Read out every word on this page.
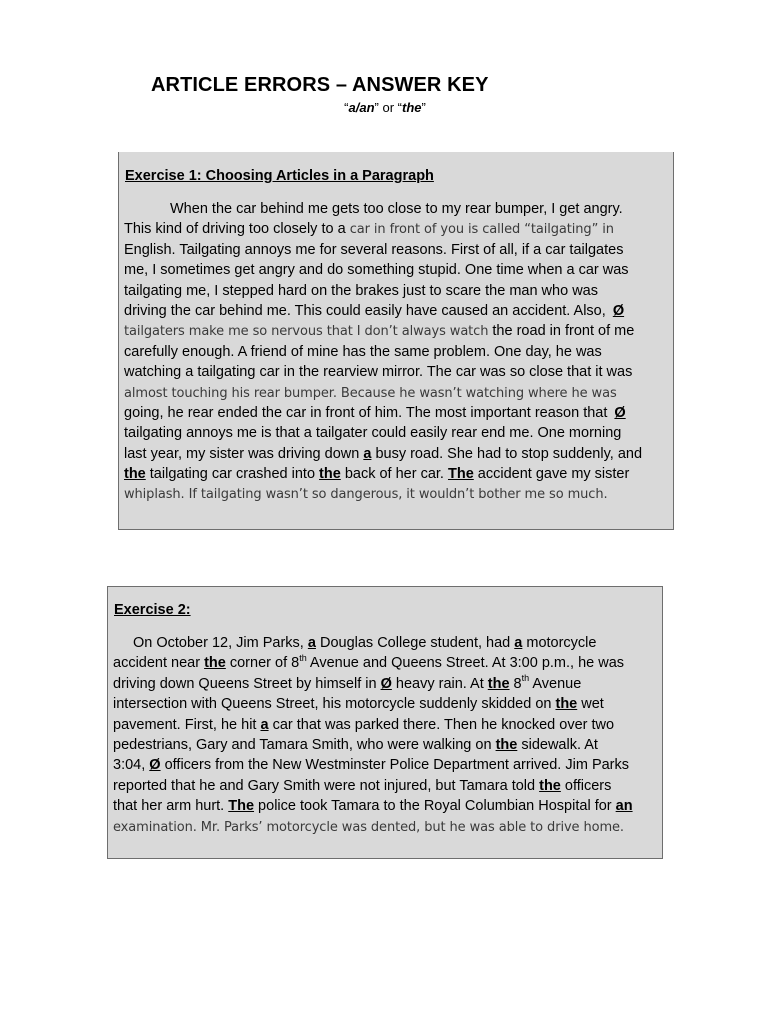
ARTICLE ERRORS – ANSWER KEY
“a/an” or “the”
Exercise 1: Choosing Articles in a Paragraph
When the car behind me gets too close to my rear bumper, I get angry.
This kind of driving too closely to a car in front of you is called “tailgating” in
English. Tailgating annoys me for several reasons. First of all, if a car tailgates
me, I sometimes get angry and do something stupid. One time when a car was
tailgating me, I stepped hard on the brakes just to scare the man who was
driving the car behind me. This could easily have caused an accident. Also, Ø
tailgaters make me so nervous that I don’t always watch the road in front of me
carefully enough. A friend of mine has the same problem. One day, he was
watching a tailgating car in the rearview mirror. The car was so close that it was
almost touching his rear bumper. Because he wasn’t watching where he was
going, he rear ended the car in front of him. The most important reason that Ø
tailgating annoys me is that a tailgater could easily rear end me. One morning
last year, my sister was driving down a busy road. She had to stop suddenly, and
the tailgating car crashed into the back of her car. The accident gave my sister
whiplash. If tailgating wasn’t so dangerous, it wouldn’t bother me so much.
Exercise 2:
On October 12, Jim Parks, a Douglas College student, had a motorcycle
accident near the corner of 8th Avenue and Queens Street. At 3:00 p.m., he was
driving down Queens Street by himself in Ø heavy rain. At the 8th Avenue
intersection with Queens Street, his motorcycle suddenly skidded on the wet
pavement. First, he hit a car that was parked there. Then he knocked over two
pedestrians, Gary and Tamara Smith, who were walking on the sidewalk. At
3:04, Ø officers from the New Westminster Police Department arrived. Jim Parks
reported that he and Gary Smith were not injured, but Tamara told the officers
that her arm hurt. The police took Tamara to the Royal Columbian Hospital for an
examination. Mr. Parks’ motorcycle was dented, but he was able to drive home.
